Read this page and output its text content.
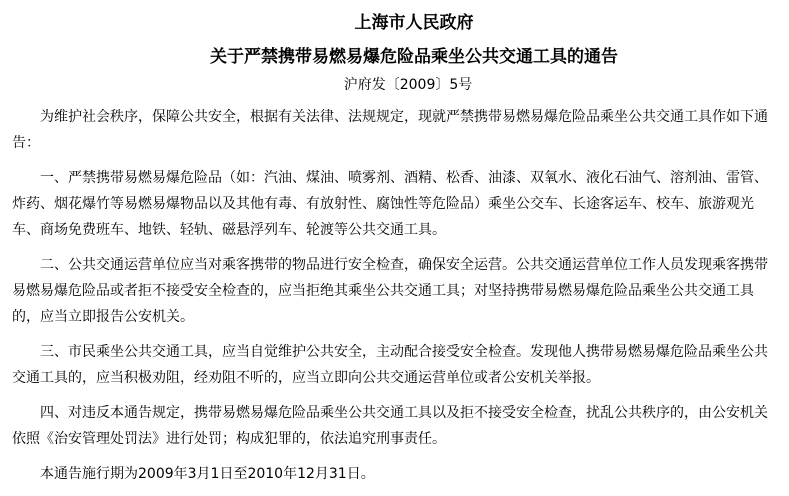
上海市人民政府
关于严禁携带易燃易爆危险品乘坐公共交通工具的通告
沪府发〔2009〕5号
为维护社会秩序，保障公共安全，根据有关法律、法规规定，现就严禁携带易燃易爆危险品乘坐公共交通工具作如下通
告：
一、严禁携带易燃易爆危险品（如：汽油、煤油、喷雾剂、酒精、松香、油漆、双氧水、液化石油气、溶剂油、雷管、
炸药、烟花爆竹等易燃易爆物品以及其他有毒、有放射性、腐蚀性等危险品）乘坐公交车、长途客运车、校车、旅游观光
车、商场免费班车、地铁、轻轨、磁悬浮列车、轮渡等公共交通工具。
二、公共交通运营单位应当对乘客携带的物品进行安全检查，确保安全运营。公共交通运营单位工作人员发现乘客携带
易燃易爆危险品或者拒不接受安全检查的，应当拒绝其乘坐公共交通工具；对坚持携带易燃易爆危险品乘坐公共交通工具
的，应当立即报告公安机关。
三、市民乘坐公共交通工具，应当自觉维护公共安全，主动配合接受安全检查。发现他人携带易燃易爆危险品乘坐公共
交通工具的，应当积极劝阻，经劝阻不听的，应当立即向公共交通运营单位或者公安机关举报。
四、对违反本通告规定，携带易燃易爆危险品乘坐公共交通工具以及拒不接受安全检查，扰乱公共秩序的，由公安机关
依照《治安管理处罚法》进行处罚；构成犯罪的，依法追究刑事责任。
本通告施行期为2009年3月1日至2010年12月31日。
